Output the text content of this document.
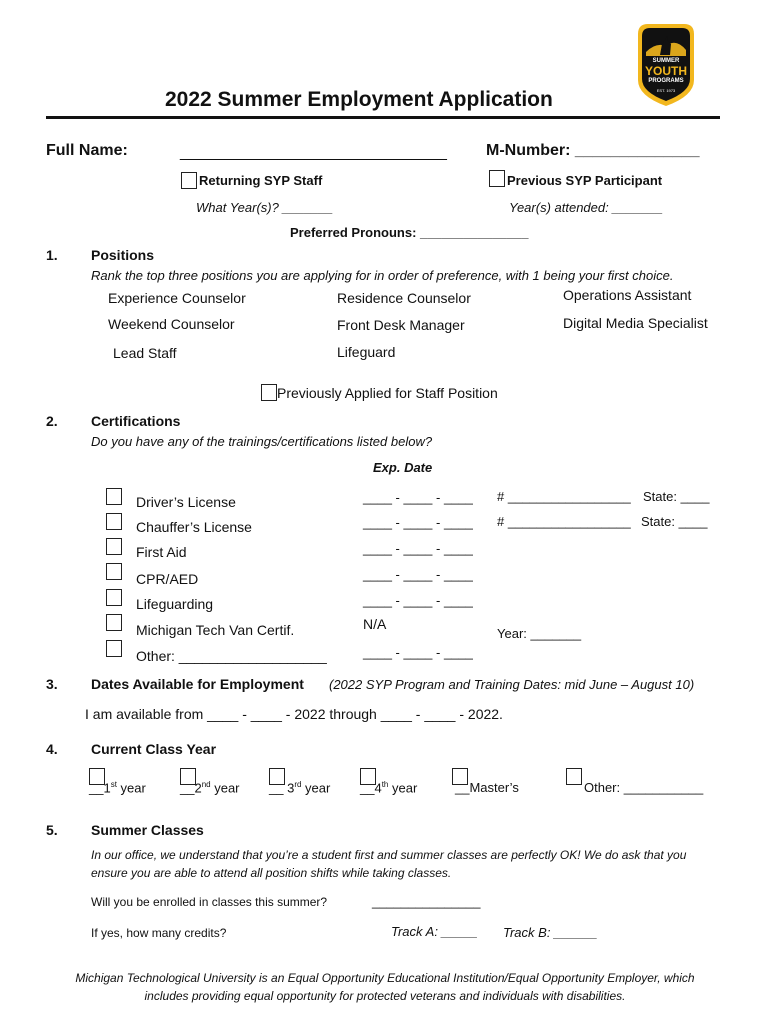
SUMMER
YOUTH
PROGRAMS
EST. 1973
2022 Summer Employment Application
Full Name:	______________________________ M-Number: ______________
Returning SYP Staff	Previous SYP Participant
What Year(s)? _______	Year(s) attended: _______
Preferred Pronouns: _______________
1. Positions
Rank the top three positions you are applying for in order of preference, with 1 being your first choice.
Experience Counselor	Residence Counselor	Operations Assistant
Weekend Counselor	Front Desk Manager	Digital Media Specialist
Lead Staff	Lifeguard
Previously Applied for Staff Position
2. Certifications
Do you have any of the trainings/certifications listed below?
Exp. Date
Driver’s License	____ - ____ - ____ # _________________ State: ____
Chauffer’s License	____ - ____ - ____ # _________________ State: ____
First Aid	____ - ____ - ____
CPR/AED	____ - ____ - ____
Lifeguarding	____ - ____ - ____
Michigan Tech Van Certif.	N/A
Year: _______
Other: ___________________	____ - ____ - ____
3. Dates Available for Employment (2022 SYP Program and Training Dates: mid June – August 10)
I am available from ____ - ____ - 2022 through ____ - ____ - 2022.
4. Current Class Year
__1st year	__2nd year __ 3rd year __4th year	__Master’s	Other: ___________
5. Summer Classes
In our office, we understand that you’re a student first and summer classes are perfectly OK! We do ask that you
ensure you are able to attend all position shifts while taking classes.
Will you be enrolled in classes this summer?	_______________
If yes, how many credits?	Track A: _____ Track B: ______
Michigan Technological University is an Equal Opportunity Educational Institution/Equal Opportunity Employer, which
includes providing equal opportunity for protected veterans and individuals with disabilities.
